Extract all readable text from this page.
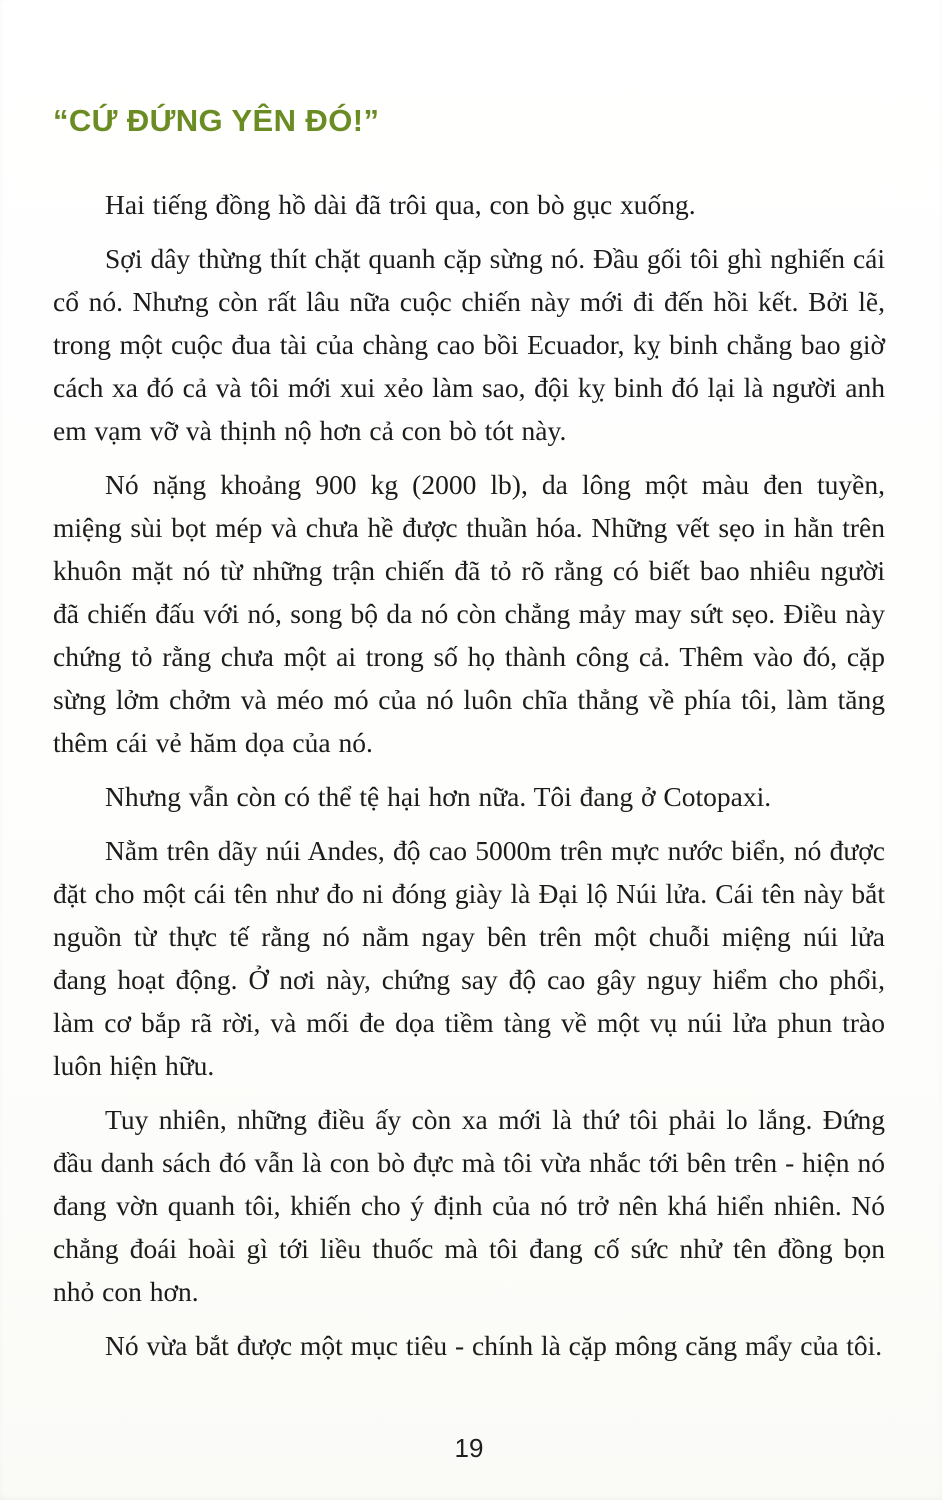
“CỨ ĐỨNG YÊN ĐÓ!”

Hai tiếng đồng hồ dài đã trôi qua, con bò gục xuống.

Sợi dây thừng thít chặt quanh cặp sừng nó. Đầu gối tôi ghì nghiến cái cổ nó. Nhưng còn rất lâu nữa cuộc chiến này mới đi đến hồi kết. Bởi lẽ, trong một cuộc đua tài của chàng cao bồi Ecuador, kỵ binh chẳng bao giờ cách xa đó cả và tôi mới xui xẻo làm sao, đội kỵ binh đó lại là người anh em vạm vỡ và thịnh nộ hơn cả con bò tót này.

Nó nặng khoảng 900 kg (2000 lb), da lông một màu đen tuyền, miệng sùi bọt mép và chưa hề được thuần hóa. Những vết sẹo in hằn trên khuôn mặt nó từ những trận chiến đã tỏ rõ rằng có biết bao nhiêu người đã chiến đấu với nó, song bộ da nó còn chẳng mảy may sứt sẹo. Điều này chứng tỏ rằng chưa một ai trong số họ thành công cả. Thêm vào đó, cặp sừng lởm chởm và méo mó của nó luôn chĩa thẳng về phía tôi, làm tăng thêm cái vẻ hăm dọa của nó.

Nhưng vẫn còn có thể tệ hại hơn nữa. Tôi đang ở Cotopaxi.

Nằm trên dãy núi Andes, độ cao 5000m trên mực nước biển, nó được đặt cho một cái tên như đo ni đóng giày là Đại lộ Núi lửa. Cái tên này bắt nguồn từ thực tế rằng nó nằm ngay bên trên một chuỗi miệng núi lửa đang hoạt động. Ở nơi này, chứng say độ cao gây nguy hiểm cho phổi, làm cơ bắp rã rời, và mối đe dọa tiềm tàng về một vụ núi lửa phun trào luôn hiện hữu.

Tuy nhiên, những điều ấy còn xa mới là thứ tôi phải lo lắng. Đứng đầu danh sách đó vẫn là con bò đực mà tôi vừa nhắc tới bên trên - hiện nó đang vờn quanh tôi, khiến cho ý định của nó trở nên khá hiển nhiên. Nó chẳng đoái hoài gì tới liều thuốc mà tôi đang cố sức nhử tên đồng bọn nhỏ con hơn.

Nó vừa bắt được một mục tiêu - chính là cặp mông căng mẩy của tôi.

19
